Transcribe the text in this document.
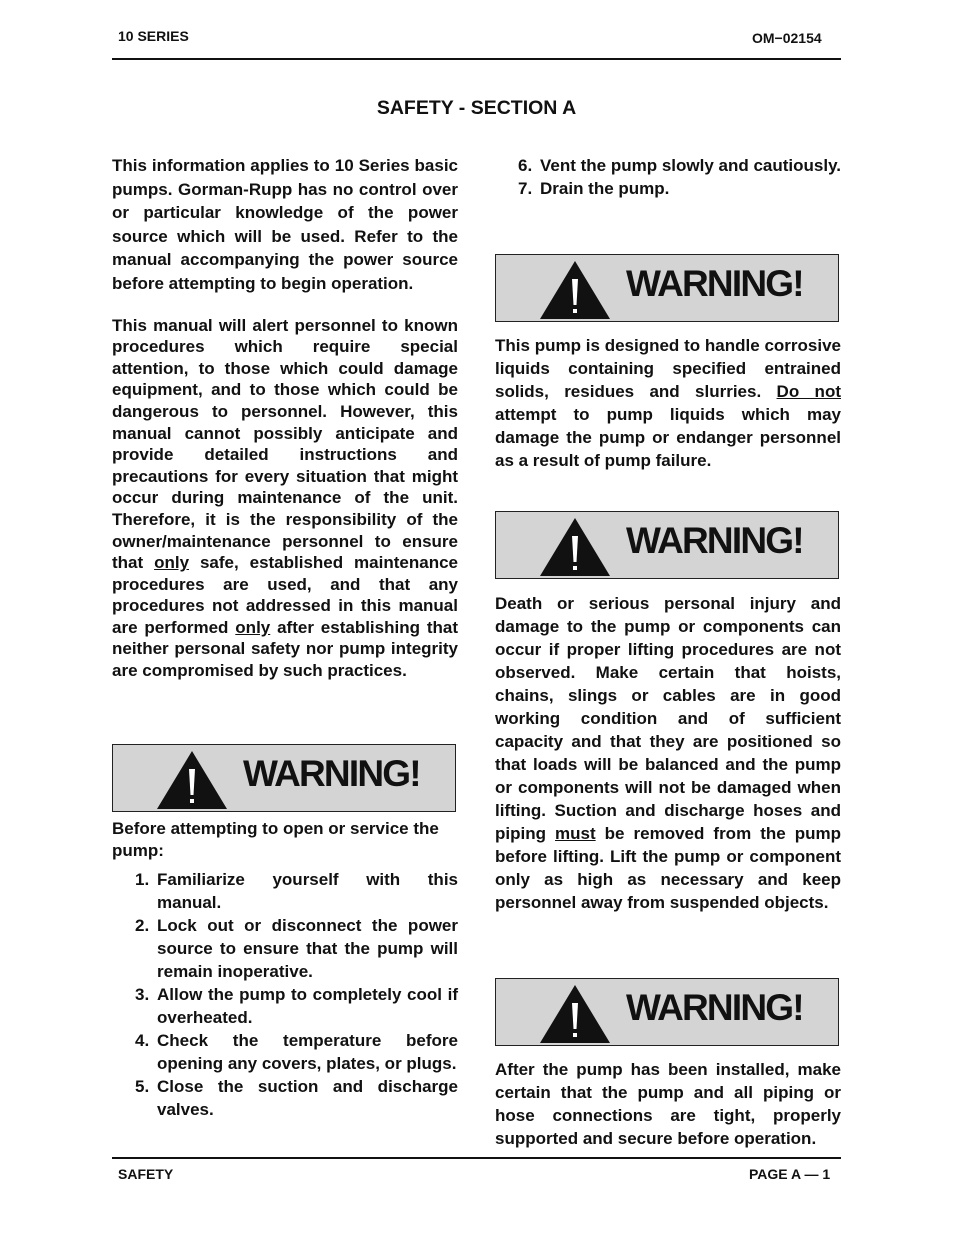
10 SERIES	OM−02154
SAFETY - SECTION A

This information applies to 10 Series basic pumps. Gorman-Rupp has no control over or particular knowledge of the power source which will be used. Refer to the manual accompanying the power source before attempting to begin operation.

This manual will alert personnel to known procedures which require special attention, to those which could damage equipment, and to those which could be dangerous to personnel. However, this manual cannot possibly anticipate and provide detailed instructions and precautions for every situation that might occur during maintenance of the unit. Therefore, it is the responsibility of the owner/maintenance personnel to ensure that only safe, established maintenance procedures are used, and that any procedures not addressed in this manual are performed only after establishing that neither personal safety nor pump integrity are compromised by such practices.

WARNING!

Before attempting to open or service the pump:

1. Familiarize yourself with this manual.
2. Lock out or disconnect the power source to ensure that the pump will remain inoperative.
3. Allow the pump to completely cool if overheated.
4. Check the temperature before opening any covers, plates, or plugs.
5. Close the suction and discharge valves.
6. Vent the pump slowly and cautiously.
7. Drain the pump.
WARNING!

This pump is designed to handle corrosive liquids containing specified entrained solids, residues and slurries. Do not attempt to pump liquids which may damage the pump or endanger personnel as a result of pump failure.

WARNING!

Death or serious personal injury and damage to the pump or components can occur if proper lifting procedures are not observed. Make certain that hoists, chains, slings or cables are in good working condition and of sufficient capacity and that they are positioned so that loads will be balanced and the pump or components will not be damaged when lifting. Suction and discharge hoses and piping must be removed from the pump before lifting. Lift the pump or component only as high as necessary and keep personnel away from suspended objects.

WARNING!

After the pump has been installed, make certain that the pump and all piping or hose connections are tight, properly supported and secure before operation.

SAFETY	PAGE A — 1
